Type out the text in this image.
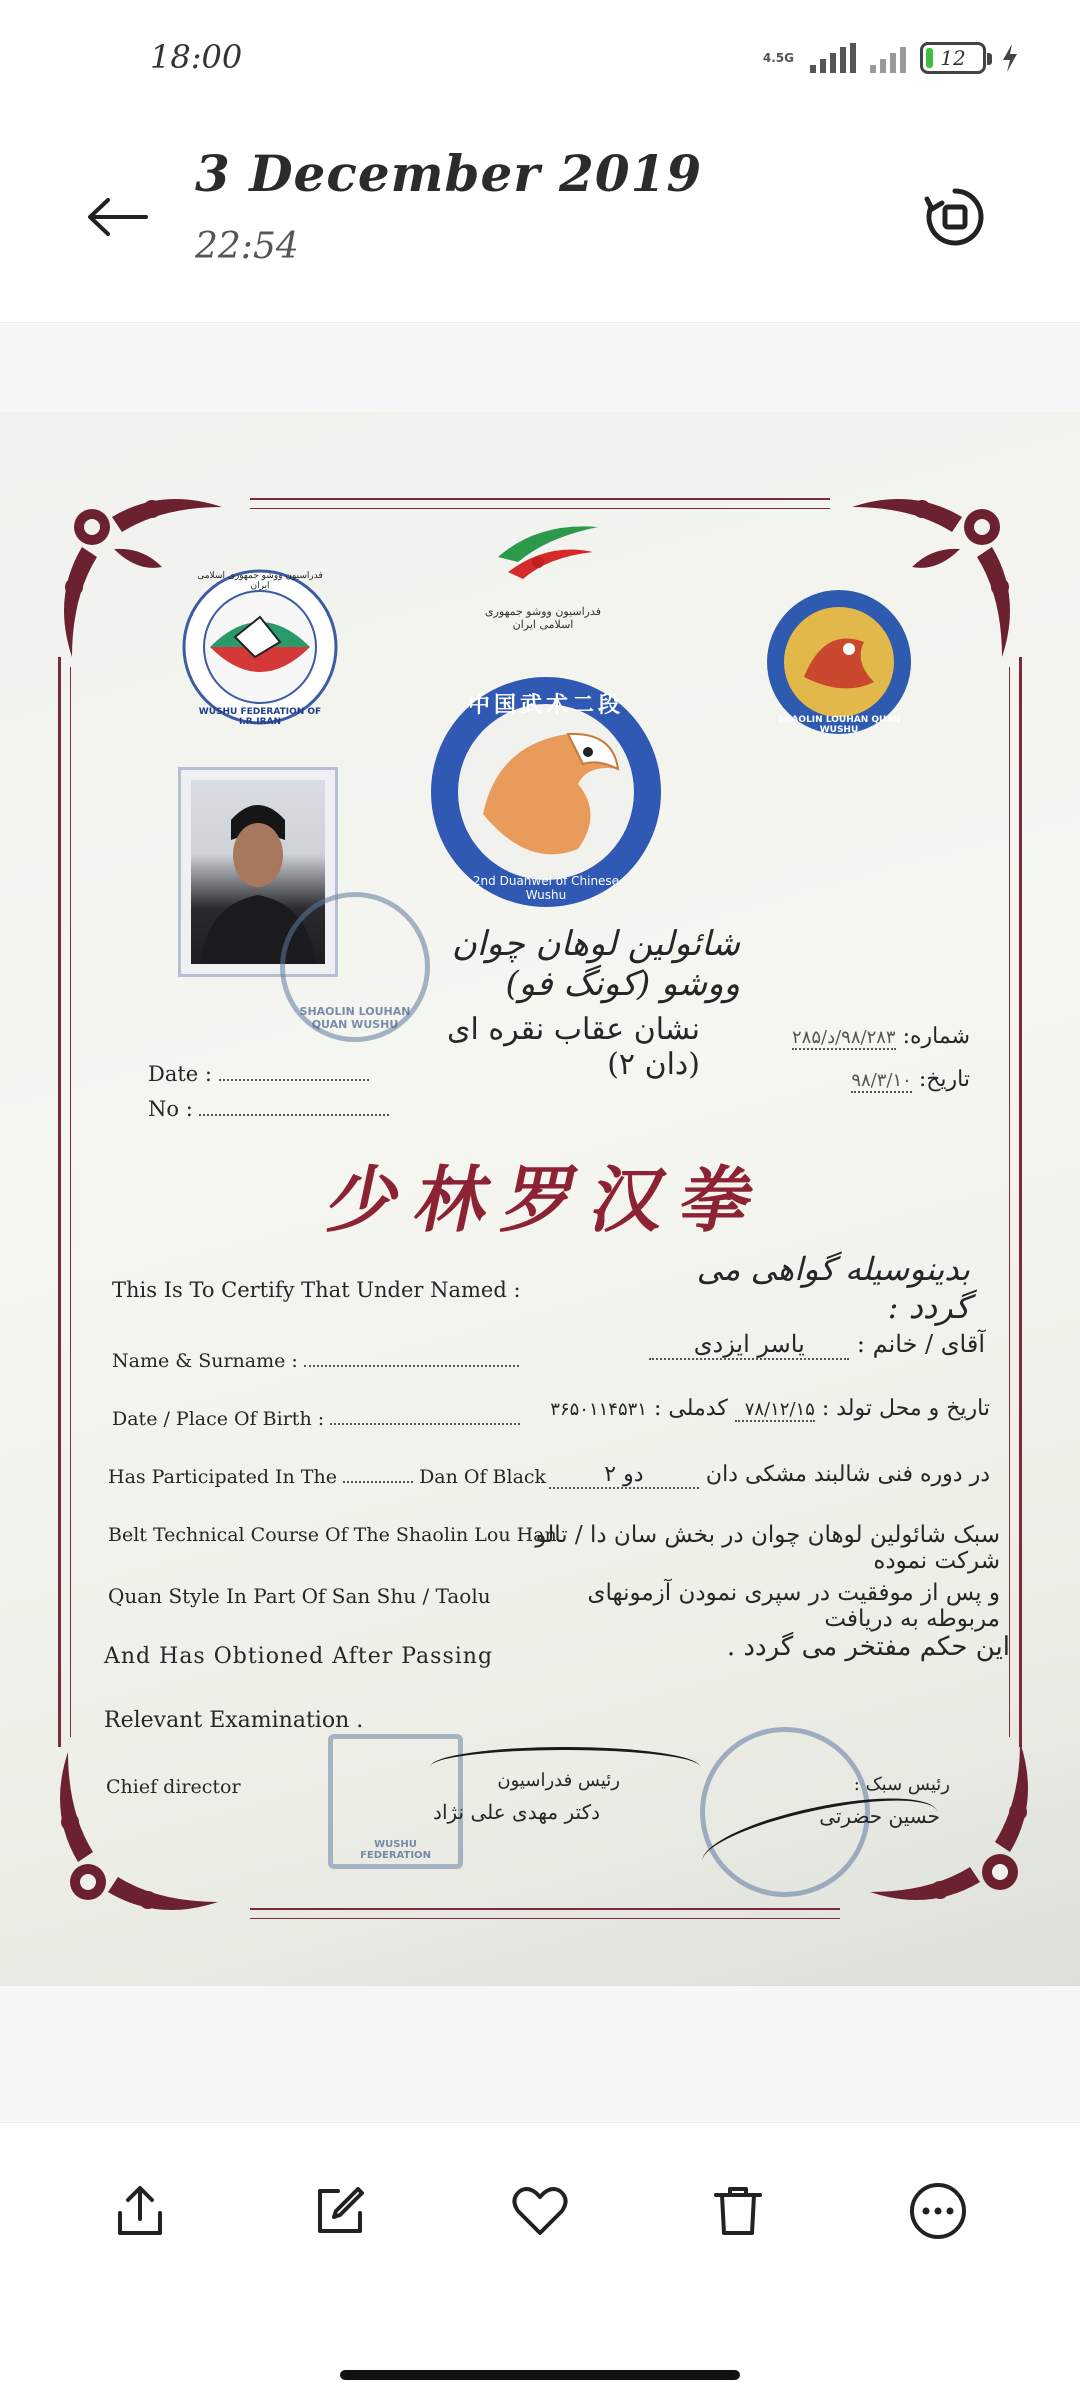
18:00	4.5G	12
3 December 2019
22:54
فدراسیون ووشو جمهوری اسلامی ایران
فدراسیون ووشو جمهوری اسلامی ایران
WUSHU FEDERATION OF I.R.IRAN	SHAOLIN LOUHAN QUAN WUSHU
中国武术二段
2nd Duanwei of Chinese Wushu
SHAOLIN LOUHAN QUAN WUSHU
شائولین لوهان چوان ووشو (کونگ فو)
نشان عقاب نقره ای (دان ۲)
شماره: ۹۸/۲۸۳/د/۲۸۵
تاریخ: ۹۸/۳/۱۰
Date :
No :
少林罗汉拳
This Is To Certify That Under Named :
Name & Surname :
Date / Place Of Birth :
Has Participated In The	Dan Of Black
Belt Technical Course Of The Shaolin Lou Han
Quan Style In Part Of San Shu / Taolu
And Has Obtioned After Passing
Relevant Examination .
بدینوسیله گواهی می گردد :
آقای / خانم : یاسر ایزدی
تاریخ و محل تولد : ۷۸/۱۲/۱۵ کدملی : ۳۶۵۰۱۱۴۵۳۱
در دوره فنی شالبند مشکی دان دو ۲
سبک شائولین لوهان چوان در بخش سان دا / تالو شرکت نموده
و پس از موفقیت در سپری نمودن آزمونهای مربوطه به دریافت
این حکم مفتخر می گردد .
Chief director
WUSHU FEDERATION
رئیس فدراسیون
دکتر مهدی علی نژاد
رئیس سبک :
حسین حضرتی
